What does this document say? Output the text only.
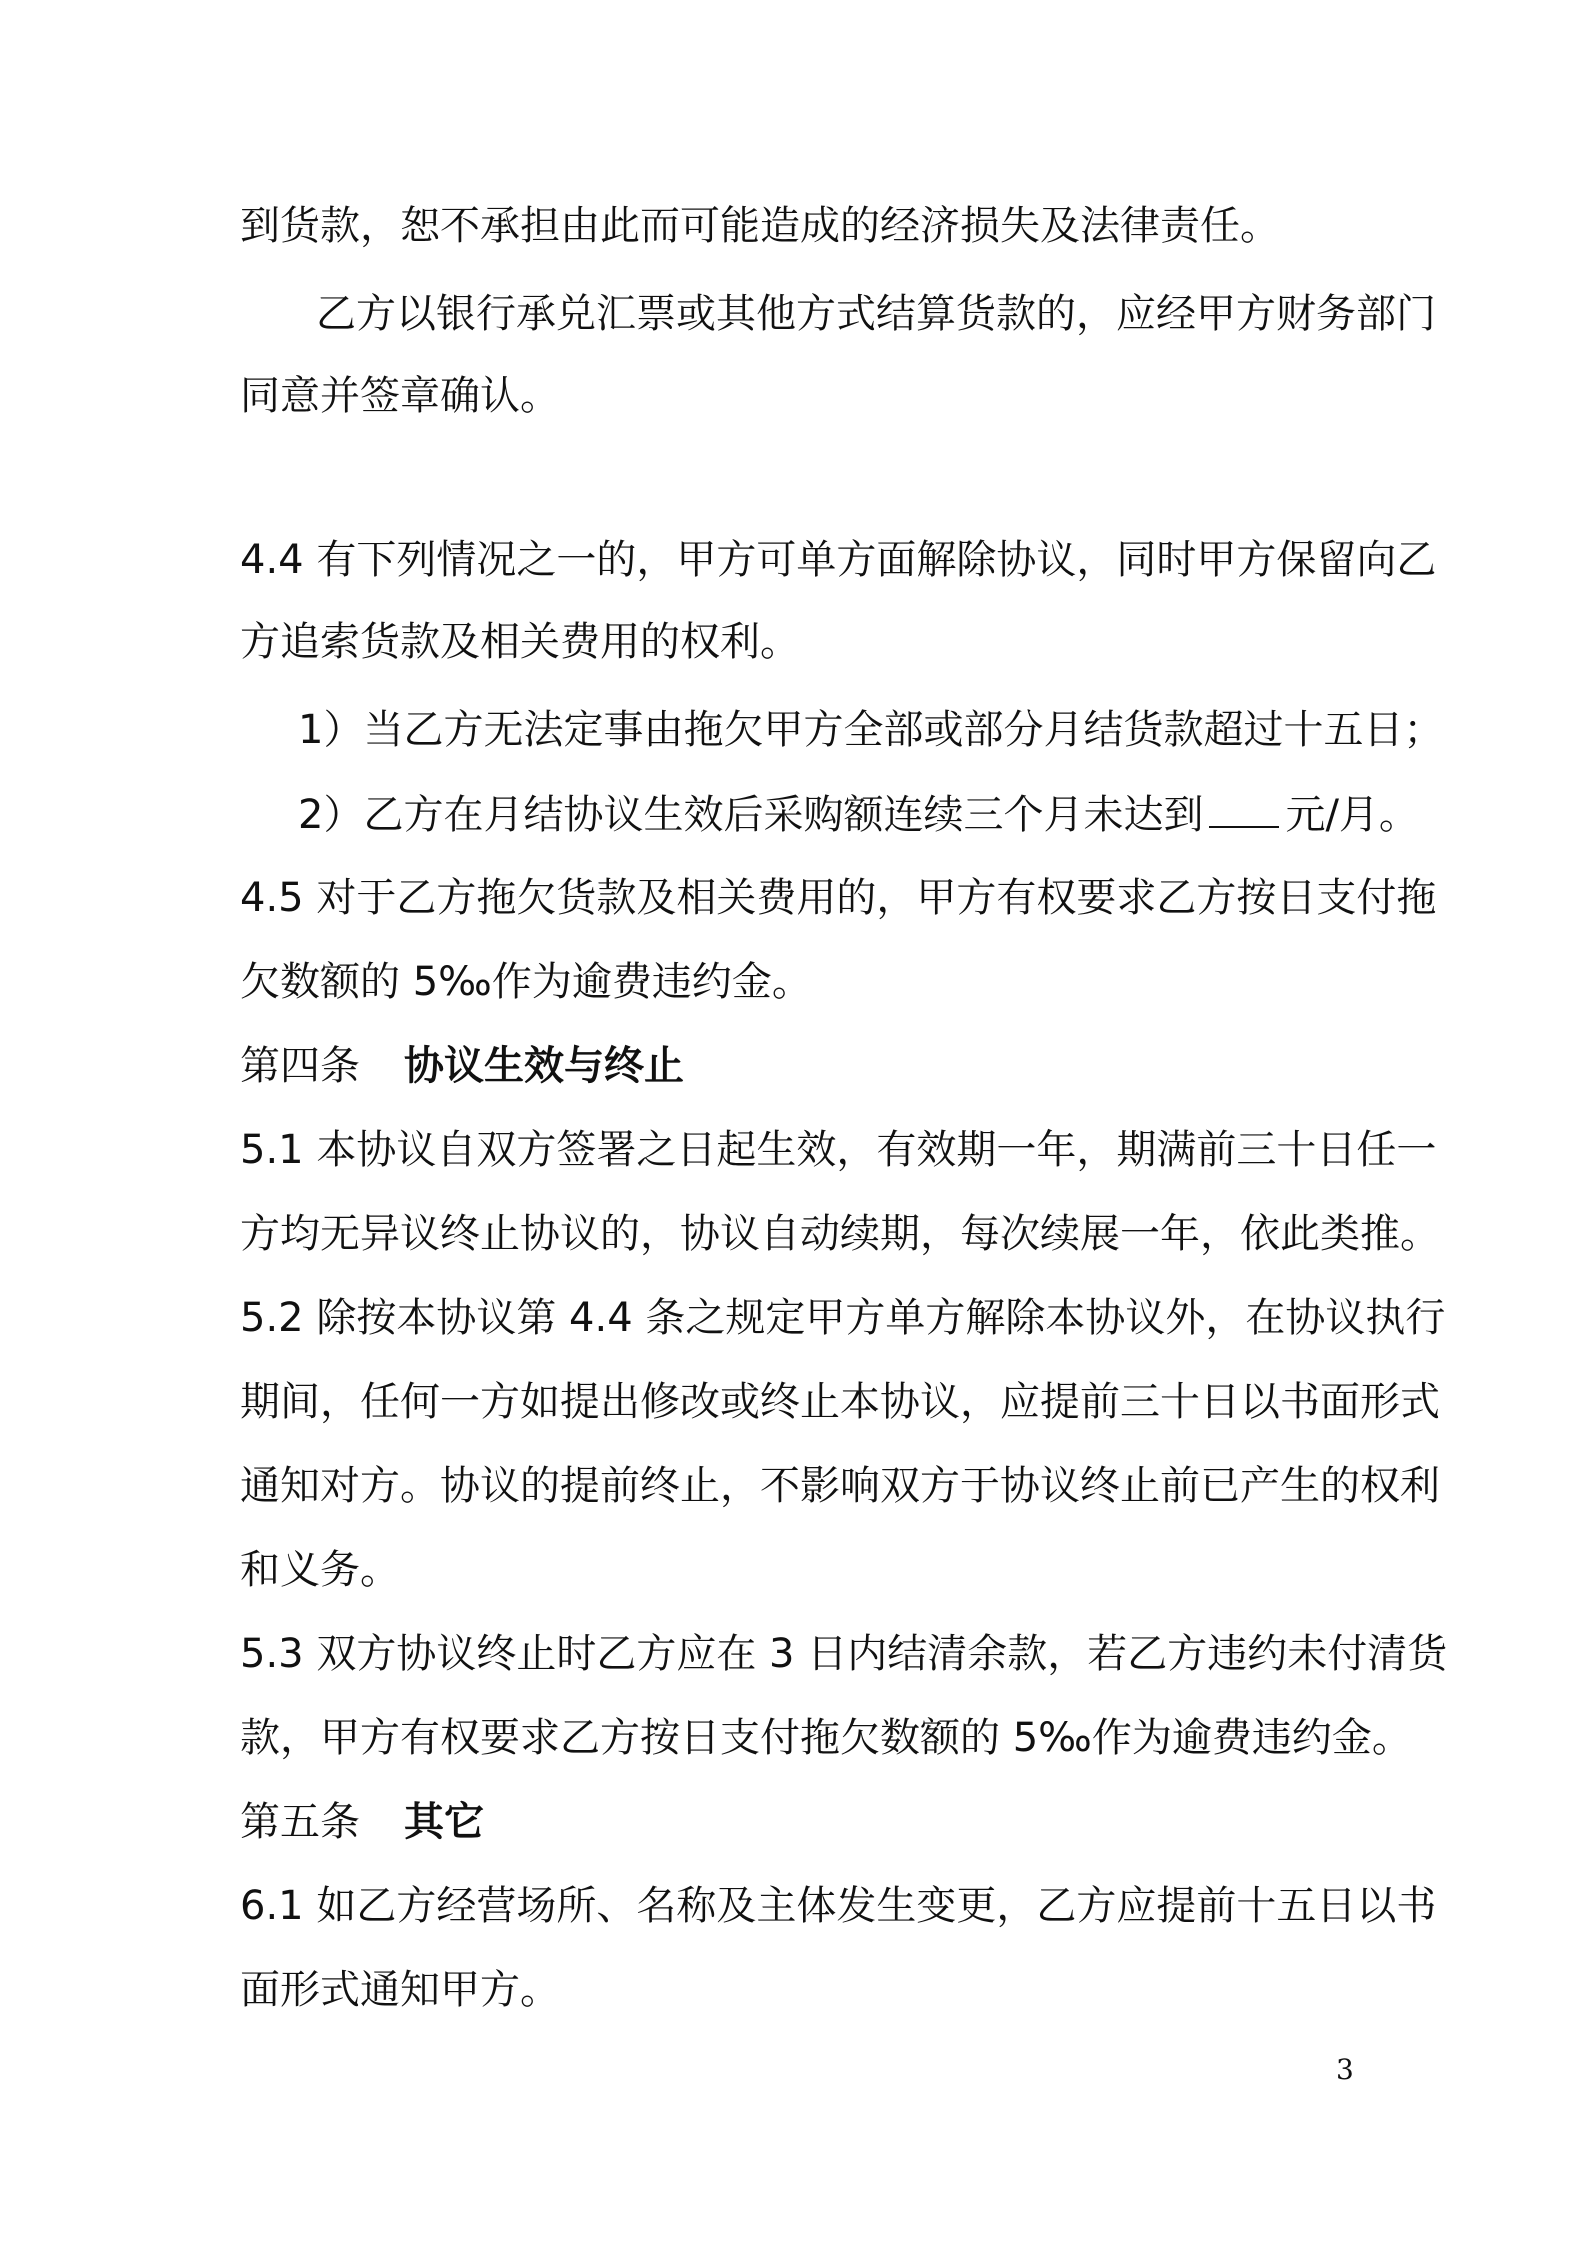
到货款，恕不承担由此而可能造成的经济损失及法律责任。
乙方以银行承兑汇票或其他方式结算货款的，应经甲方财务部门
同意并签章确认。
4.4 有下列情况之一的，甲方可单方面解除协议，同时甲方保留向乙
方追索货款及相关费用的权利。
1）当乙方无法定事由拖欠甲方全部或部分月结货款超过十五日；
2）乙方在月结协议生效后采购额连续三个月未达到 元/月。
4.5 对于乙方拖欠货款及相关费用的，甲方有权要求乙方按日支付拖
欠数额的 5‰作为逾费违约金。
第四条 协议生效与终止
5.1 本协议自双方签署之日起生效，有效期一年，期满前三十日任一
方均无异议终止协议的，协议自动续期，每次续展一年，依此类推。
5.2 除按本协议第 4.4 条之规定甲方单方解除本协议外，在协议执行
期间，任何一方如提出修改或终止本协议，应提前三十日以书面形式
通知对方。协议的提前终止，不影响双方于协议终止前已产生的权利
和义务。
5.3 双方协议终止时乙方应在 3 日内结清余款，若乙方违约未付清货
款，甲方有权要求乙方按日支付拖欠数额的 5‰作为逾费违约金。
第五条 其它
6.1 如乙方经营场所、名称及主体发生变更，乙方应提前十五日以书
面形式通知甲方。
3
